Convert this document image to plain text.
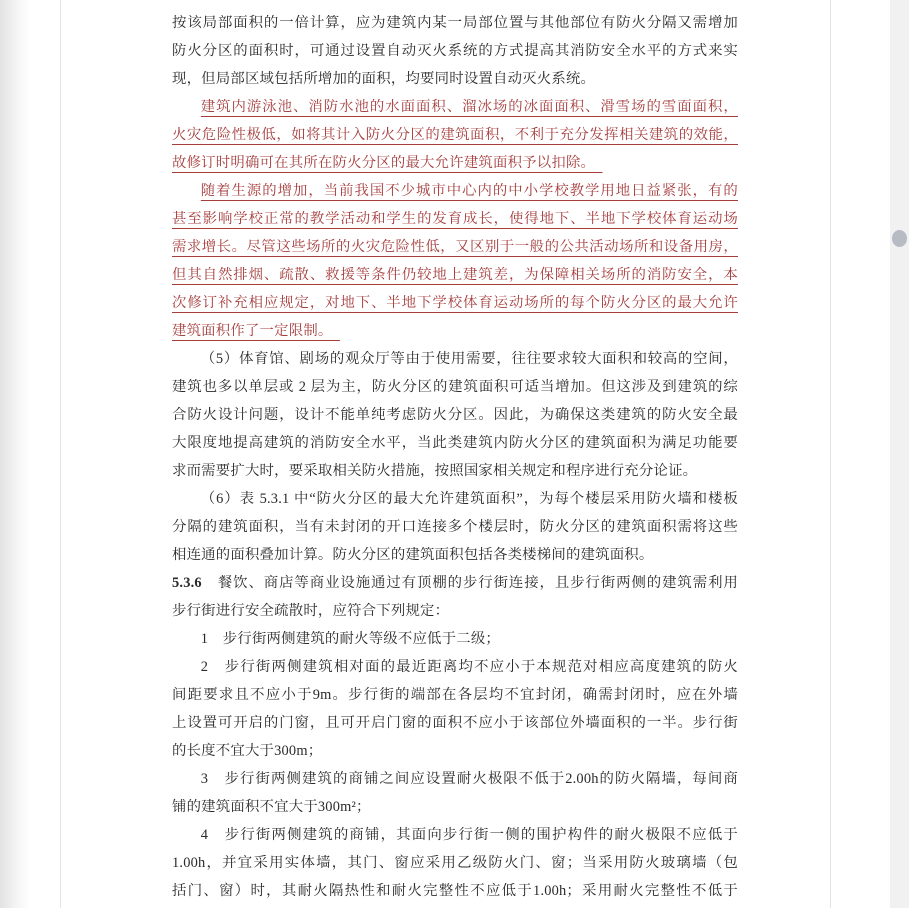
按该局部面积的一倍计算，应为建筑内某一局部位置与其他部位有防火分隔又需增加
防火分区的面积时，可通过设置自动灭火系统的方式提高其消防安全水平的方式来实
现，但局部区域包括所增加的面积，均要同时设置自动灭火系统。
建筑内游泳池、消防水池的水面面积、溜冰场的冰面面积、滑雪场的雪面面积，
火灾危险性极低，如将其计入防火分区的建筑面积，不利于充分发挥相关建筑的效能，
故修订时明确可在其所在防火分区的最大允许建筑面积予以扣除。　
随着生源的增加，当前我国不少城市中心内的中小学校教学用地日益紧张，有的
甚至影响学校正常的教学活动和学生的发育成长，使得地下、半地下学校体育运动场
需求增长。尽管这些场所的火灾危险性低，又区别于一般的公共活动场所和设备用房，
但其自然排烟、疏散、救援等条件仍较地上建筑差，为保障相关场所的消防安全，本
次修订补充相应规定，对地下、半地下学校体育运动场所的每个防火分区的最大允许
建筑面积作了一定限制。　
（5）体育馆、剧场的观众厅等由于使用需要，往往要求较大面积和较高的空间，
建筑也多以单层或 2 层为主，防火分区的建筑面积可适当增加。但这涉及到建筑的综
合防火设计问题，设计不能单纯考虑防火分区。因此，为确保这类建筑的防火安全最
大限度地提高建筑的消防安全水平，当此类建筑内防火分区的建筑面积为满足功能要
求而需要扩大时，要采取相关防火措施，按照国家相关规定和程序进行充分论证。
（6）表 5.3.1 中“防火分区的最大允许建筑面积”，为每个楼层采用防火墙和楼板
分隔的建筑面积，当有未封闭的开口连接多个楼层时，防火分区的建筑面积需将这些
相连通的面积叠加计算。防火分区的建筑面积包括各类楼梯间的建筑面积。
5.3.6　餐饮、商店等商业设施通过有顶棚的步行街连接，且步行街两侧的建筑需利用
步行街进行安全疏散时，应符合下列规定：
1　步行街两侧建筑的耐火等级不应低于二级；
2　步行街两侧建筑相对面的最近距离均不应小于本规范对相应高度建筑的防火
间距要求且不应小于9m。步行街的端部在各层均不宜封闭，确需封闭时，应在外墙
上设置可开启的门窗，且可开启门窗的面积不应小于该部位外墙面积的一半。步行街
的长度不宜大于300m；
3　步行街两侧建筑的商铺之间应设置耐火极限不低于2.00h的防火隔墙，每间商
铺的建筑面积不宜大于300m²；
4　步行街两侧建筑的商铺，其面向步行街一侧的围护构件的耐火极限不应低于
1.00h，并宜采用实体墙，其门、窗应采用乙级防火门、窗；当采用防火玻璃墙（包
括门、窗）时，其耐火隔热性和耐火完整性不应低于1.00h；采用耐火完整性不低于
